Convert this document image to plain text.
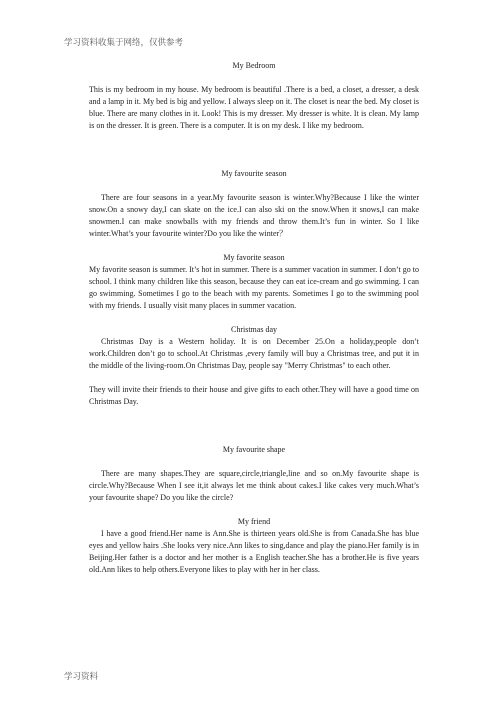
学习资料收集于网络，仅供参考
My Bedroom

This is my bedroom in my house. My bedroom is beautiful .There is a bed, a closet, a dresser, a desk and a lamp in it. My bed is big and yellow. I always sleep on it. The closet is near the bed. My closet is blue. There are many clothes in it. Look! This is my dresser. My dresser is white. It is clean. My lamp is on the dresser. It is green. There is a computer. It is on my desk. I like my bedroom.

My favourite season

There are four seasons in a year.My favourite season is winter.Why?Because I like the winter snow.On a snowy day,I can skate on the ice.I can also ski on the snow.When it snows,I can make snowmen.I can make snowballs with my friends and throw them.It’s fun in winter. So I like winter.What’s your favourite winter?Do you like the winter？

My favorite season

My favorite season is summer. It’s hot in summer. There is a summer vacation in summer. I don’t go to school. I think many children like this season, because they can eat ice-cream and go swimming. I can go swimming. Sometimes I go to the beach with my parents. Sometimes I go to the swimming pool with my friends. I usually visit many places in summer vacation.

Christmas day

Christmas Day is a Western holiday. It is on December 25.On a holiday,people don’t work.Children don’t go to school.At Christmas ,every family will buy a Christmas tree, and put it in the middle of the living-room.On Christmas Day, people say "Merry Christmas" to each other.

They will invite their friends to their house and give gifts to each other.They will have a good time on Christmas Day.

My favourite shape

There are many shapes.They are square,circle,triangle,line and so on.My favourite shape is circle.Why?Because When I see it,it always let me think about cakes.I like cakes very much.What’s your favourite shape? Do you like the circle?

My friend

I have a good friend.Her name is Ann.She is thirteen years old.She is from Canada.She has blue eyes and yellow hairs .She looks very nice.Ann likes to sing,dance and play the piano.Her family is in Beijing.Her father is a doctor and her mother is a English teacher.She has a brother.He is five years old.Ann likes to help others.Everyone likes to play with her in her class.

学习资料
